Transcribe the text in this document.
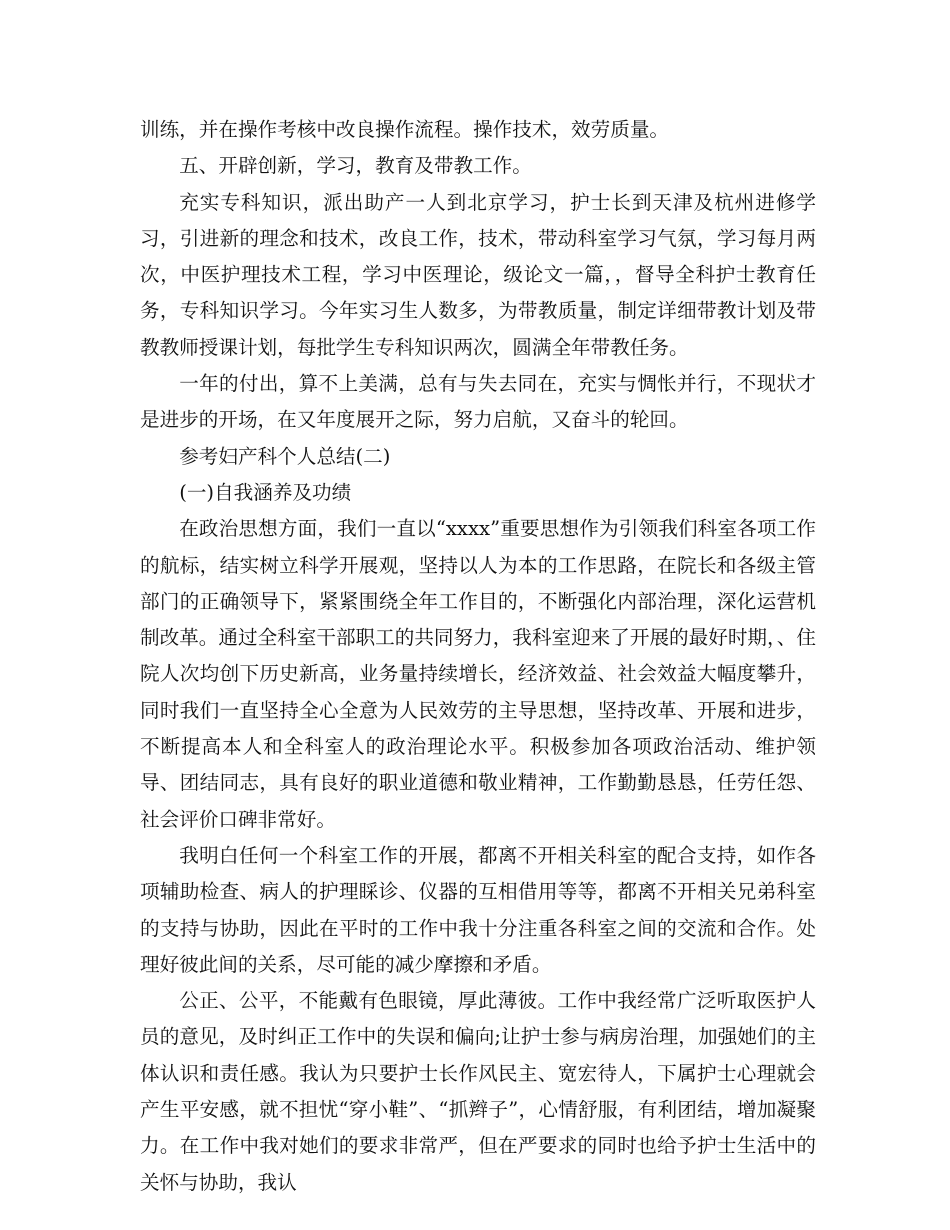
训练，并在操作考核中改良操作流程。操作技术，效劳质量。

五、开辟创新，学习，教育及带教工作。

充实专科知识，派出助产一人到北京学习，护士长到天津及杭州进修学习，引进新的理念和技术，改良工作，技术，带动科室学习气氛，学习每月两次，中医护理技术工程，学习中医理论，级论文一篇，，督导全科护士教育任务，专科知识学习。今年实习生人数多，为带教质量，制定详细带教计划及带教教师授课计划，每批学生专科知识两次，圆满全年带教任务。

一年的付出，算不上美满，总有与失去同在，充实与惆怅并行，不现状才是进步的开场，在又年度展开之际，努力启航，又奋斗的轮回。

参考妇产科个人总结(二)

(一)自我涵养及功绩

在政治思想方面，我们一直以“xxxx”重要思想作为引领我们科室各项工作的航标，结实树立科学开展观，坚持以人为本的工作思路，在院长和各级主管部门的正确领导下，紧紧围绕全年工作目的，不断强化内部治理，深化运营机制改革。通过全科室干部职工的共同努力，我科室迎来了开展的最好时期，、住院人次均创下历史新高，业务量持续增长，经济效益、社会效益大幅度攀升，同时我们一直坚持全心全意为人民效劳的主导思想，坚持改革、开展和进步，不断提高本人和全科室人的政治理论水平。积极参加各项政治活动、维护领导、团结同志，具有良好的职业道德和敬业精神，工作勤勤恳恳，任劳任怨、社会评价口碑非常好。

我明白任何一个科室工作的开展，都离不开相关科室的配合支持，如作各项辅助检查、病人的护理睬诊、仪器的互相借用等等，都离不开相关兄弟科室的支持与协助，因此在平时的工作中我十分注重各科室之间的交流和合作。处理好彼此间的关系，尽可能的减少摩擦和矛盾。

公正、公平，不能戴有色眼镜，厚此薄彼。工作中我经常广泛听取医护人员的意见，及时纠正工作中的失误和偏向;让护士参与病房治理，加强她们的主体认识和责任感。我认为只要护士长作风民主、宽宏待人，下属护士心理就会产生平安感，就不担忧“穿小鞋”、“抓辫子”，心情舒服，有利团结，增加凝聚力。在工作中我对她们的要求非常严，但在严要求的同时也给予护士生活中的关怀与协助，我认
